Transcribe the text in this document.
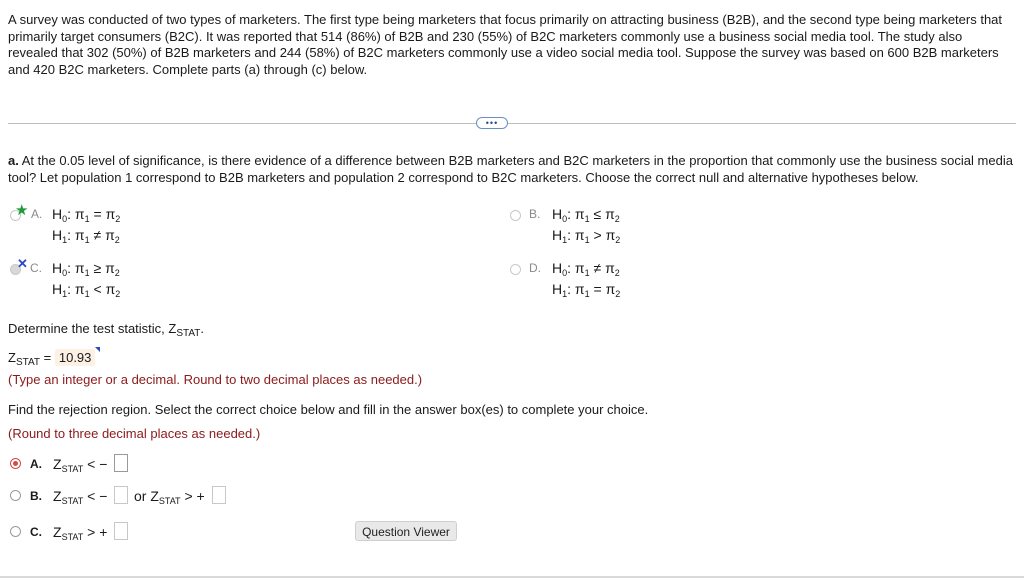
A survey was conducted of two types of marketers. The first type being marketers that focus primarily on attracting business (B2B), and the second type being marketers that primarily target consumers (B2C). It was reported that 514 (86%) of B2B and 230 (55%) of B2C marketers commonly use a business social media tool. The study also revealed that 302 (50%) of B2B marketers and 244 (58%) of B2C marketers commonly use a video social media tool. Suppose the survey was based on 600 B2B marketers and 420 B2C marketers. Complete parts (a) through (c) below.
•••
a. At the 0.05 level of significance, is there evidence of a difference between B2B marketers and B2C marketers in the proportion that commonly use the business social media tool? Let population 1 correspond to B2B marketers and population 2 correspond to B2C marketers. Choose the correct null and alternative hypotheses below.
★ A. $H_0$: $\pi_1 = \pi_2$
$H_1$: $\pi_1 \ne \pi_2$
B. $H_0$: $\pi_1 \le \pi_2$
$H_1$: $\pi_1 > \pi_2$
✕ C. $H_0$: $\pi_1 \ge \pi_2$
$H_1$: $\pi_1 < \pi_2$
D. $H_0$: $\pi_1 \ne \pi_2$
$H_1$: $\pi_1 = \pi_2$
Determine the test statistic, $Z_{STAT}$.
$Z_{STAT} = 10.93$
(Type an integer or a decimal. Round to two decimal places as needed.)
Find the rejection region. Select the correct choice below and fill in the answer box(es) to complete your choice.
(Round to three decimal places as needed.)
A. $Z_{STAT}$ < −
B. $Z_{STAT}$ < − or $Z_{STAT}$ > +
C. $Z_{STAT}$ > +	Question Viewer
